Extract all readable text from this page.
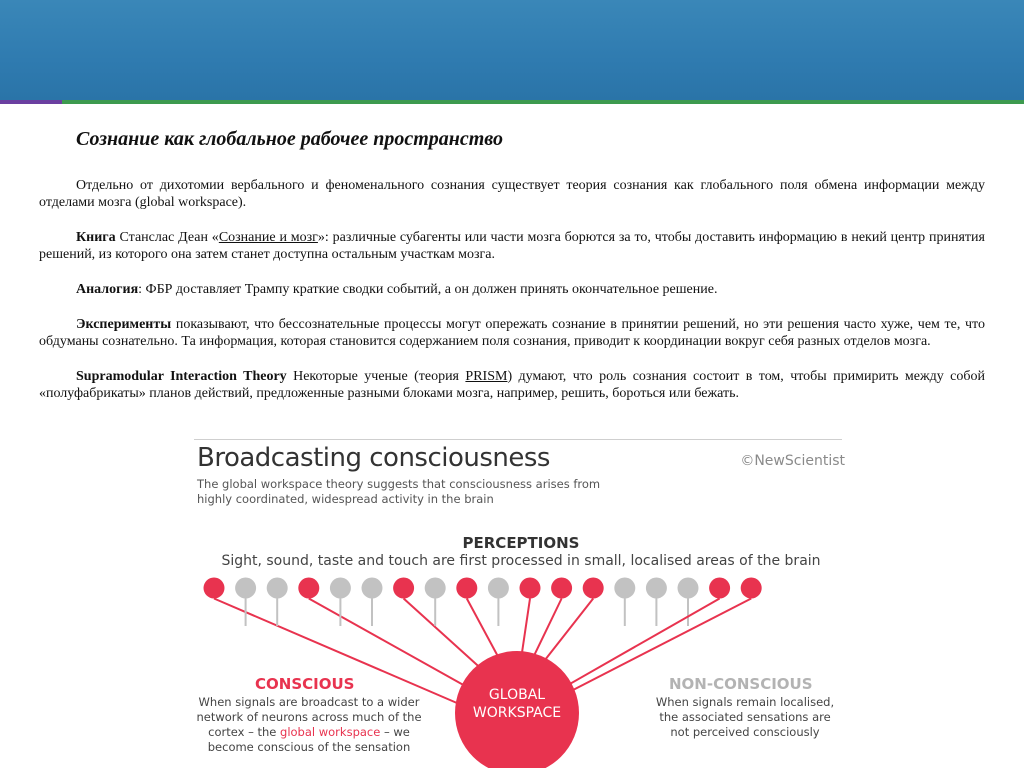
Сознание как глобальное рабочее пространство

Отдельно от дихотомии вербального и феноменального сознания существует теория сознания как глобального поля обмена информации между отделами мозга (global workspace).

Книга Станслас Деан «Сознание и мозг»: различные субагенты или части мозга борются за то, чтобы доставить информацию в некий центр принятия решений, из которого она затем станет доступна остальным участкам мозга.

Аналогия: ФБР доставляет Трампу краткие сводки событий, а он должен принять окончательное решение.

Эксперименты показывают, что бессознательные процессы могут опережать сознание в принятии решений, но эти решения часто хуже, чем те, что обдуманы сознательно. Та информация, которая становится содержанием поля сознания, приводит к координации вокруг себя разных отделов мозга.

Supramodular Interaction Theory Некоторые ученые (теория PRISM) думают, что роль сознания состоит в том, чтобы примирить между собой «полуфабрикаты» планов действий, предложенные разными блоками мозга, например, решить, бороться или бежать.

Broadcasting consciousness	©NewScientist
The global workspace theory suggests that consciousness arises from highly coordinated, widespread activity in the brain
PERCEPTIONS
Sight, sound, taste and touch are first processed in small, localised areas of the brain
GLOBAL
WORKSPACE
CONSCIOUS
When signals are broadcast to a wider network of neurons across much of the cortex – the global workspace – we become conscious of the sensation
NON-CONSCIOUS
When signals remain localised, the associated sensations are not perceived consciously
